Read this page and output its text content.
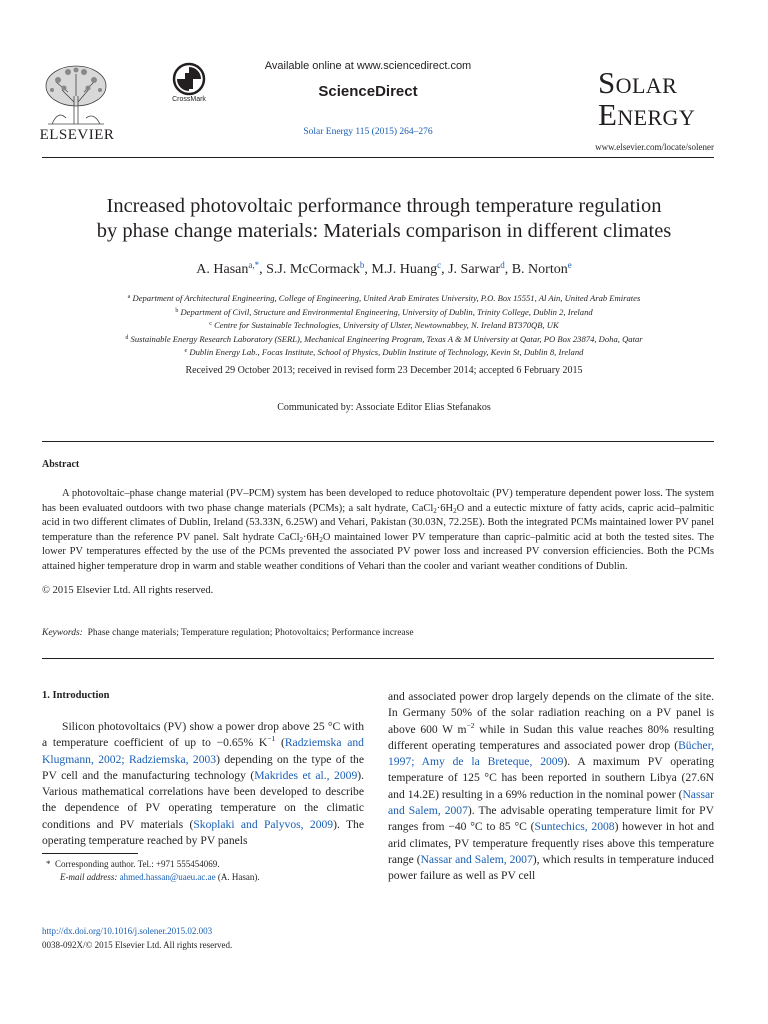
ELSEVIER
CrossMark
Available online at www.sciencedirect.com
ScienceDirect
Solar Energy 115 (2015) 264–276
SOLAR
ENERGY
www.elsevier.com/locate/solener
Increased photovoltaic performance through temperature regulation
by phase change materials: Materials comparison in different climates
A. Hasan$^{a,*}$, S.J. McCormack$^b$, M.J. Huang$^c$, J. Sarwar$^d$, B. Norton$^e$
$^a$ Department of Architectural Engineering, College of Engineering, United Arab Emirates University, P.O. Box 15551, Al Ain, United Arab Emirates
$^b$ Department of Civil, Structure and Environmental Engineering, University of Dublin, Trinity College, Dublin 2, Ireland
$^c$ Centre for Sustainable Technologies, University of Ulster, Newtownabbey, N. Ireland BT370QB, UK
$^d$ Sustainable Energy Research Laboratory (SERL), Mechanical Engineering Program, Texas A & M University at Qatar, PO Box 23874, Doha, Qatar
$^e$ Dublin Energy Lab., Focas Institute, School of Physics, Dublin Institute of Technology, Kevin St, Dublin 8, Ireland
Received 29 October 2013; received in revised form 23 December 2014; accepted 6 February 2015
Communicated by: Associate Editor Elias Stefanakos
Abstract

A photovoltaic–phase change material (PV–PCM) system has been developed to reduce photovoltaic (PV) temperature dependent power loss. The system has been evaluated outdoors with two phase change materials (PCMs); a salt hydrate, $CaCl_2\cdot 6H_2O$ and a eutectic mixture of fatty acids, capric acid–palmitic acid in two different climates of Dublin, Ireland (53.33N, 6.25W) and Vehari, Pakistan (30.03N, 72.25E). Both the integrated PCMs maintained lower PV panel temperature than the reference PV panel. Salt hydrate $CaCl_2\cdot 6H_2O$ maintained lower PV temperature than capric–palmitic acid at both the tested sites. The lower PV temperatures effected by the use of the PCMs prevented the associated PV power loss and increased PV conversion efficiencies. Both the PCMs attained higher temperature drop in warm and stable weather conditions of Vehari than the cooler and variant weather conditions of Dublin.

© 2015 Elsevier Ltd. All rights reserved.
Keywords: Phase change materials; Temperature regulation; Photovoltaics; Performance increase
1. Introduction

Silicon photovoltaics (PV) show a power drop above 25 °C with a temperature coefficient of up to −0.65% $K^{-1}$ (Radziemska and Klugmann, 2002; Radziemska, 2003) depending on the type of the PV cell and the manufacturing technology (Makrides et al., 2009). Various mathematical correlations have been developed to describe the dependence of PV operating temperature on the climatic conditions and PV materials (Skoplaki and Palyvos, 2009). The operating temperature reached by PV panels

and associated power drop largely depends on the climate of the site. In Germany 50% of the solar radiation reaching on a PV panel is above 600 W $m^{-2}$ while in Sudan this value reaches 80% resulting different operating temperatures and associated power drop (Bücher, 1997; Amy de la Breteque, 2009). A maximum PV operating temperature of 125 °C has been reported in southern Libya (27.6N and 14.2E) resulting in a 69% reduction in the nominal power (Nassar and Salem, 2007). The advisable operating temperature limit for PV ranges from −40 °C to 85 °C (Suntechics, 2008) however in hot and arid climates, PV temperature frequently rises above this temperature range (Nassar and Salem, 2007), which results in temperature induced power failure as well as PV cell

* Corresponding author. Tel.: +971 555454069.
E-mail address: ahmed.hassan@uaeu.ac.ae (A. Hasan).
http://dx.doi.org/10.1016/j.solener.2015.02.003
0038-092X/© 2015 Elsevier Ltd. All rights reserved.
